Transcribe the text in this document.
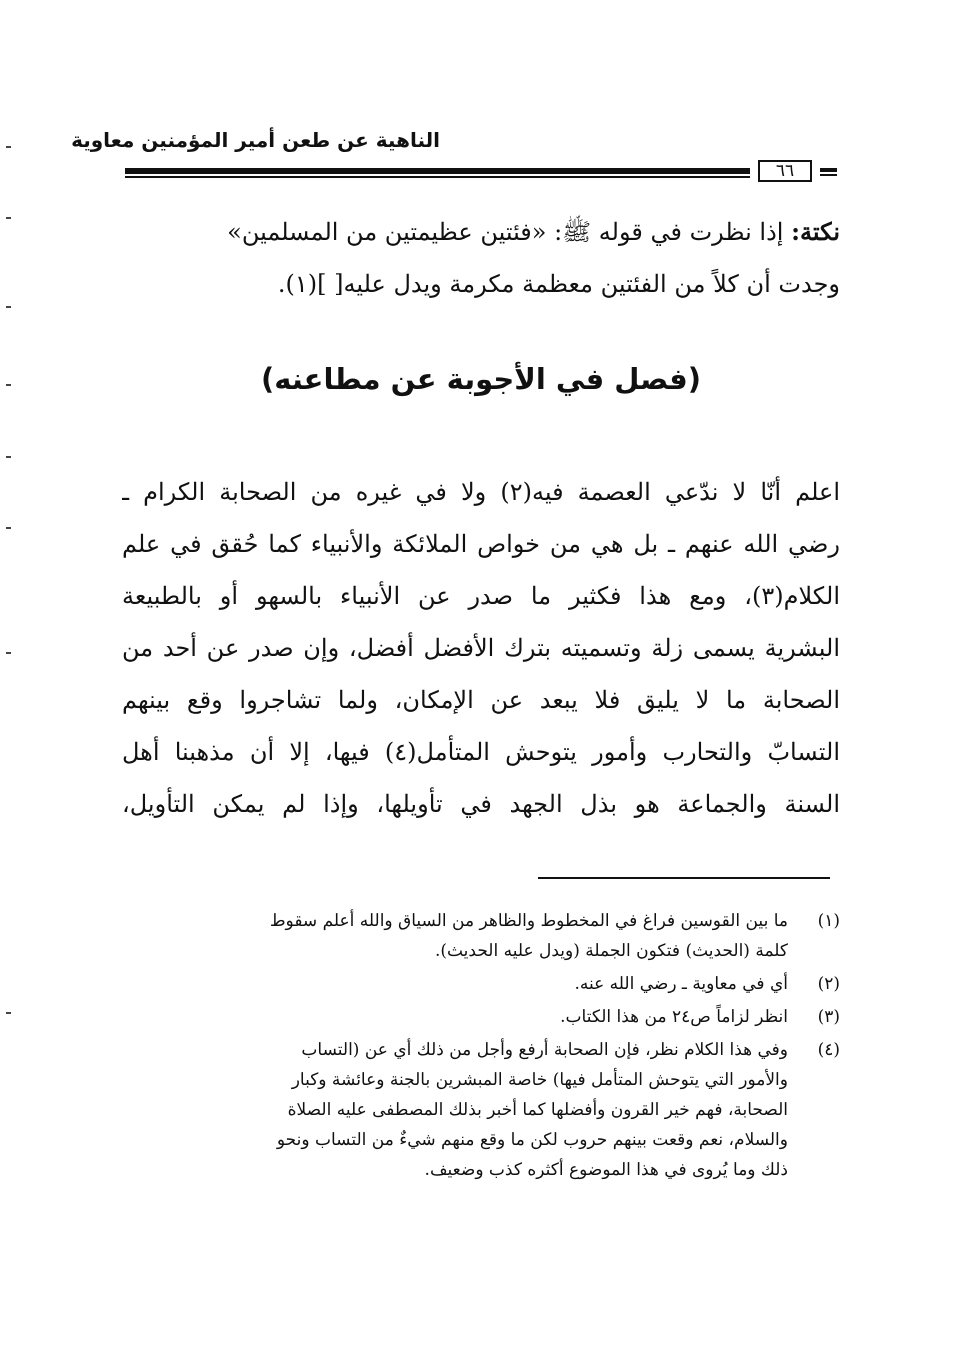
الناهية عن طعن أمير المؤمنين معاوية
٦٦
نكتة: إذا نظرت في قوله ﷺ: «فئتين عظيمتين من المسلمين»
وجدت أن كلاً من الفئتين معظمة مكرمة ويدل عليه[ ](١).
(فصل في الأجوبة عن مطاعنه)
اعلم أنّا لا ندّعي العصمة فيه(٢) ولا في غيره من الصحابة الكرام ـ
رضي الله عنهم ـ بل هي من خواص الملائكة والأنبياء كما حُقق في علم
الكلام(٣)، ومع هذا فكثير ما صدر عن الأنبياء بالسهو أو بالطبيعة
البشرية يسمى زلة وتسميته بترك الأفضل أفضل، وإن صدر عن أحد من
الصحابة ما لا يليق فلا يبعد عن الإمكان، ولما تشاجروا وقع بينهم
التسابّ والتحارب وأمور يتوحش المتأمل(٤) فيها، إلا أن مذهبنا أهل
السنة والجماعة هو بذل الجهد في تأويلها، وإذا لم يمكن التأويل،
(١)
ما بين القوسين فراغ في المخطوط والظاهر من السياق والله أعلم سقوط
كلمة (الحديث) فتكون الجملة (ويدل عليه الحديث).
(٢)
أي في معاوية ـ رضي الله عنه.
(٣)
انظر لزاماً ص٢٤ من هذا الكتاب.
(٤)
وفي هذا الكلام نظر، فإن الصحابة أرفع وأجل من ذلك أي عن (التساب
والأمور التي يتوحش المتأمل فيها) خاصة المبشرين بالجنة وعائشة وكبار
الصحابة، فهم خير القرون وأفضلها كما أخبر بذلك المصطفى عليه الصلاة
والسلام، نعم وقعت بينهم حروب لكن ما وقع منهم شيءٌ من التساب ونحو
ذلك وما يُروى في هذا الموضوع أكثره كذب وضعيف.
